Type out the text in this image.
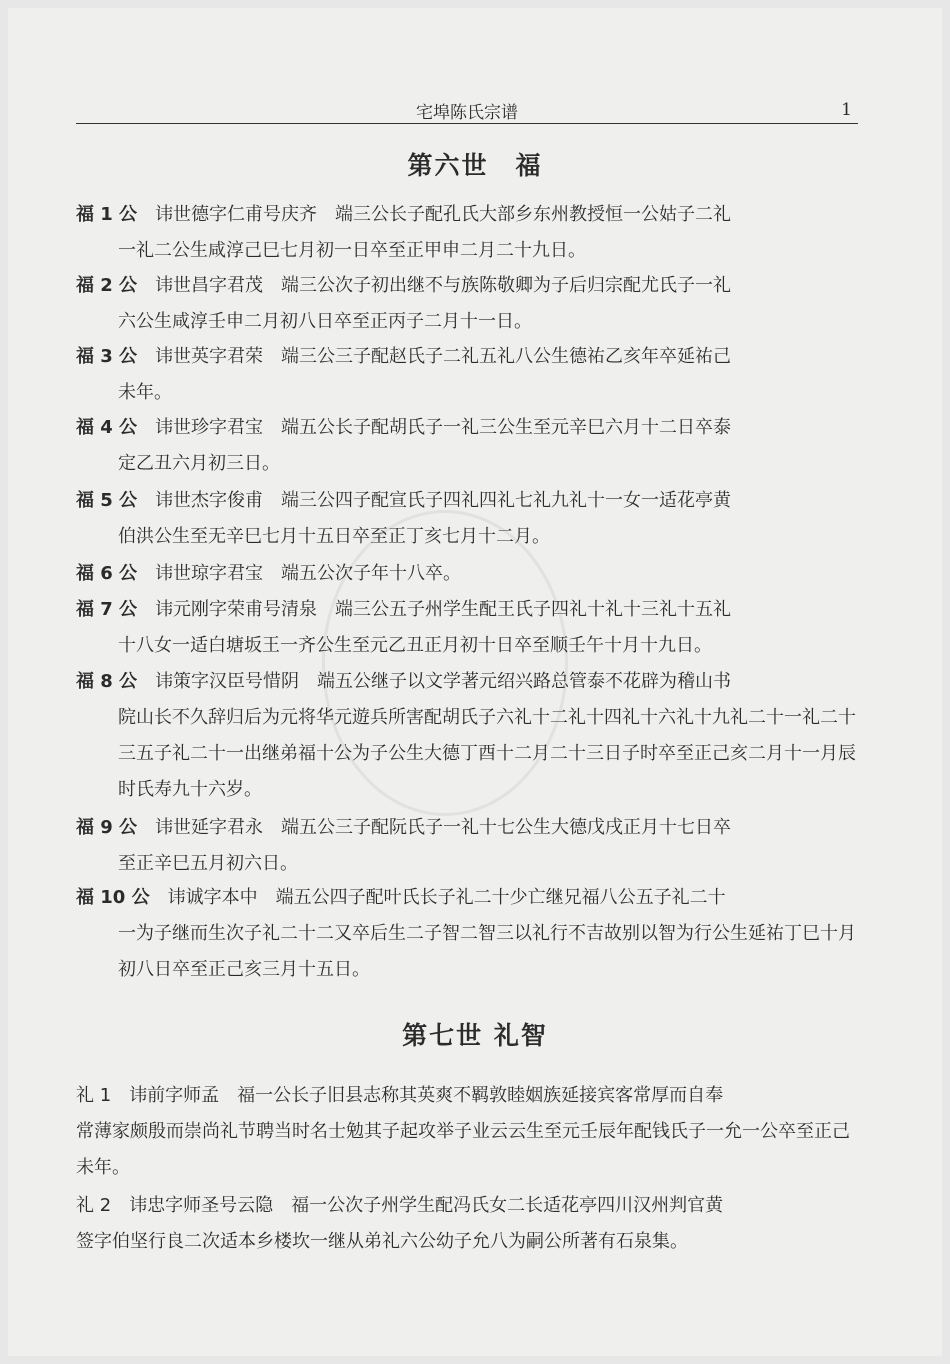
宅埠陈氏宗谱	1
第六世　福
福 1 公　 讳世德字仁甫号庆齐　端三公长子配孔氏大部乡东州教授恒一公姑子二礼
一礼二公生咸淳己巳七月初一日卒至正甲申二月二十九日。
福 2 公　 讳世昌字君茂　端三公次子初出继不与族陈敬卿为子后归宗配尤氏子一礼
六公生咸淳壬申二月初八日卒至正丙子二月十一日。
福 3 公　 讳世英字君荣　端三公三子配赵氏子二礼五礼八公生德祐乙亥年卒延祐己
未年。
福 4 公　 讳世珍字君宝　端五公长子配胡氏子一礼三公生至元辛巳六月十二日卒泰
定乙丑六月初三日。
福 5 公　 讳世杰字俊甫　端三公四子配宣氏子四礼四礼七礼九礼十一女一适花亭黄
伯洪公生至无辛巳七月十五日卒至正丁亥七月十二月。
福 6 公　 讳世琼字君宝　端五公次子年十八卒。
福 7 公　 讳元刚字荣甫号清泉　端三公五子州学生配王氏子四礼十礼十三礼十五礼
十八女一适白塘坂王一齐公生至元乙丑正月初十日卒至顺壬午十月十九日。
福 8 公　 讳策字汉臣号惜阴　端五公继子以文学著元绍兴路总管泰不花辟为稽山书
院山长不久辞归后为元将华元遊兵所害配胡氏子六礼十二礼十四礼十六礼十九礼二十一礼二十三五子礼二十一出继弟福十公为子公生大德丁酉十二月二十三日子时卒至正己亥二月十一月辰时氏寿九十六岁。
福 9 公　 讳世延字君永　端五公三子配阮氏子一礼十七公生大德戊戌正月十七日卒
至正辛巳五月初六日。
福 10 公　 讳诚字本中　端五公四子配叶氏长子礼二十少亡继兄福八公五子礼二十
一为子继而生次子礼二十二又卒后生二子智二智三以礼行不吉故别以智为行公生延祐丁巳十月初八日卒至正己亥三月十五日。
第七世 礼智
礼 1　 讳前字师孟　福一公长子旧县志称其英爽不羁敦睦姻族延接宾客常厚而自奉
常薄家颇殷而崇尚礼节聘当时名士勉其子起攻举子业云云生至元壬辰年配钱氏子一允一公卒至正己未年。
礼 2　 讳忠字师圣号云隐　福一公次子州学生配冯氏女二长适花亭四川汉州判官黄
签字伯坚行良二次适本乡楼坎一继从弟礼六公幼子允八为嗣公所著有石泉集。
